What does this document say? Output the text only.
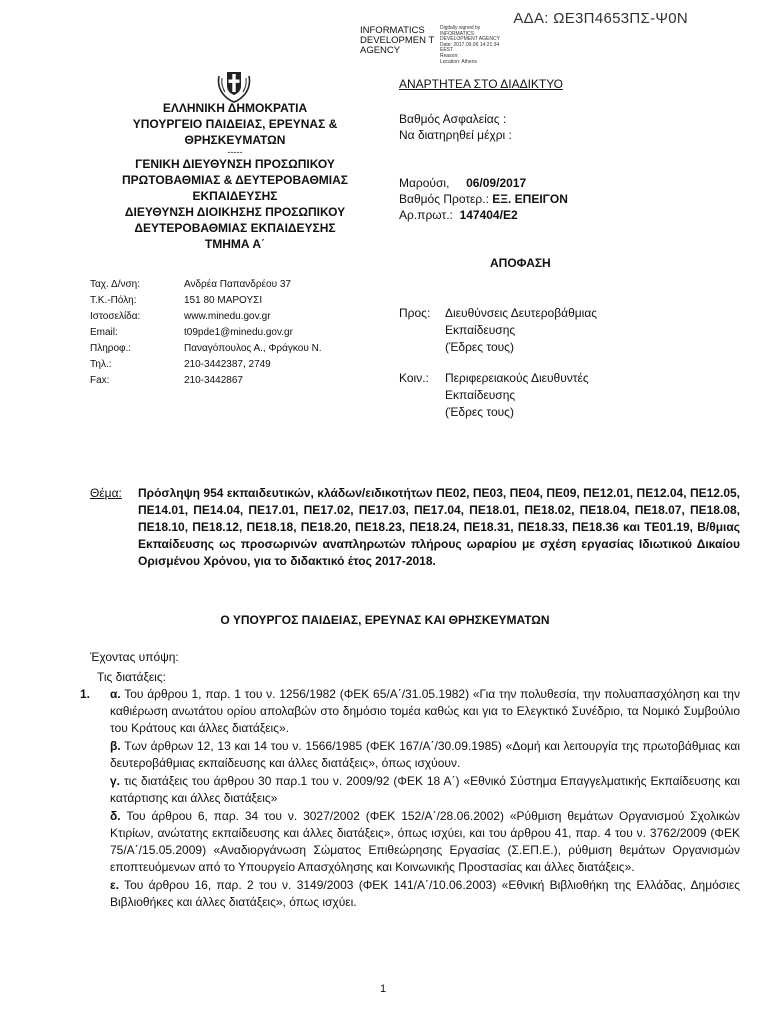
ΑΔΑ: ΩΕ3Π4653ΠΣ-Ψ0Ν
INFORMATICS DEVELOPMEN T AGENCY
Digitally signed by
INFORMATICS
DEVELOPMENT AGENCY
Date: 2017.09.06 14:21:34
EEST
Reason:
Location: Athens
ΕΛΛΗΝΙΚΗ ΔΗΜΟΚΡΑΤΙΑ
ΥΠΟΥΡΓΕΙΟ ΠΑΙΔΕΙΑΣ, ΕΡΕΥΝΑΣ &
ΘΡΗΣΚΕΥΜΑΤΩΝ
-----
ΓΕΝΙΚΗ ΔΙΕΥΘΥΝΣΗ ΠΡΟΣΩΠΙΚΟΥ
ΠΡΩΤΟΒΑΘΜΙΑΣ & ΔΕΥΤΕΡΟΒΑΘΜΙΑΣ
ΕΚΠΑΙΔΕΥΣΗΣ
ΔΙΕΥΘΥΝΣΗ ΔΙΟΙΚΗΣΗΣ ΠΡΟΣΩΠΙΚΟΥ
ΔΕΥΤΕΡΟΒΑΘΜΙΑΣ ΕΚΠΑΙΔΕΥΣΗΣ
ΤΜΗΜΑ Α΄
Ταχ. Δ/νση:	Ανδρέα Παπανδρέου 37
Τ.Κ.-Πόλη:	151 80 ΜΑΡΟΥΣΙ
Ιστοσελίδα:	www.minedu.gov.gr
Email:	t09pde1@minedu.gov.gr
Πληροφ.:	Παναγόπουλος Α., Φράγκου Ν.
Τηλ.:	210-3442387, 2749
Fax:	210-3442867
ΑΝΑΡΤΗΤΕΑ ΣΤΟ ΔΙΑΔΙΚΤΥΟ
Βαθμός Ασφαλείας :
Να διατηρηθεί μέχρι :
Μαρούσι, 06/09/2017
Βαθμός Προτερ.: ΕΞ. ΕΠΕΙΓΟΝ
Αρ.πρωτ.: 147404/Ε2
ΑΠΟΦΑΣΗ
Προς:	Διευθύνσεις Δευτεροβάθμιας
Εκπαίδευσης
(Έδρες τους)
Κοιν.:	Περιφερειακούς Διευθυντές
Εκπαίδευσης
(Έδρες τους)
Θέμα: Πρόσληψη 954 εκπαιδευτικών, κλάδων/ειδικοτήτων ΠΕ02, ΠΕ03, ΠΕ04, ΠΕ09, ΠΕ12.01, ΠΕ12.04, ΠΕ12.05, ΠΕ14.01, ΠΕ14.04, ΠΕ17.01, ΠΕ17.02, ΠΕ17.03, ΠΕ17.04, ΠΕ18.01, ΠΕ18.02, ΠΕ18.04, ΠΕ18.07, ΠΕ18.08, ΠΕ18.10, ΠΕ18.12, ΠΕ18.18, ΠΕ18.20, ΠΕ18.23, ΠΕ18.24, ΠΕ18.31, ΠΕ18.33, ΠΕ18.36 και ΤΕ01.19, Β/θμιας Εκπαίδευσης ως προσωρινών αναπληρωτών πλήρους ωραρίου με σχέση εργασίας Ιδιωτικού Δικαίου Ορισμένου Χρόνου, για το διδακτικό έτος 2017-2018.
Ο ΥΠΟΥΡΓΟΣ ΠΑΙΔΕΙΑΣ, ΕΡΕΥΝΑΣ ΚΑΙ ΘΡΗΣΚΕΥΜΑΤΩΝ
Έχοντας υπόψη:
Τις διατάξεις:
1. α. Του άρθρου 1, παρ. 1 του ν. 1256/1982 (ΦΕΚ 65/Α΄/31.05.1982) «Για την πολυθεσία, την πολυαπασχόληση και την καθιέρωση ανωτάτου ορίου απολαβών στο δημόσιο τομέα καθώς και για το Ελεγκτικό Συνέδριο, τα Νομικό Συμβούλιο του Κράτους και άλλες διατάξεις».
β. Των άρθρων 12, 13 και 14 του ν. 1566/1985 (ΦΕΚ 167/Α΄/30.09.1985) «Δομή και λειτουργία της πρωτοβάθμιας και δευτεροβάθμιας εκπαίδευσης και άλλες διατάξεις», όπως ισχύουν.
γ. τις διατάξεις του άρθρου 30 παρ.1 του ν. 2009/92 (ΦΕΚ 18 Α΄) «Εθνικό Σύστημα Επαγγελματικής Εκπαίδευσης και κατάρτισης και άλλες διατάξεις»
δ. Του άρθρου 6, παρ. 34 του ν. 3027/2002 (ΦΕΚ 152/Α΄/28.06.2002) «Ρύθμιση θεμάτων Οργανισμού Σχολικών Κτιρίων, ανώτατης εκπαίδευσης και άλλες διατάξεις», όπως ισχύει, και του άρθρου 41, παρ. 4 του ν. 3762/2009 (ΦΕΚ 75/Α΄/15.05.2009) «Αναδιοργάνωση Σώματος Επιθεώρησης Εργασίας (Σ.ΕΠ.Ε.), ρύθμιση θεμάτων Οργανισμών εποπτευόμενων από το Υπουργείο Απασχόλησης και Κοινωνικής Προστασίας και άλλες διατάξεις».
ε. Του άρθρου 16, παρ. 2 του ν. 3149/2003 (ΦΕΚ 141/Α΄/10.06.2003) «Εθνική Βιβλιοθήκη της Ελλάδας, Δημόσιες Βιβλιοθήκες και άλλες διατάξεις», όπως ισχύει.
1
